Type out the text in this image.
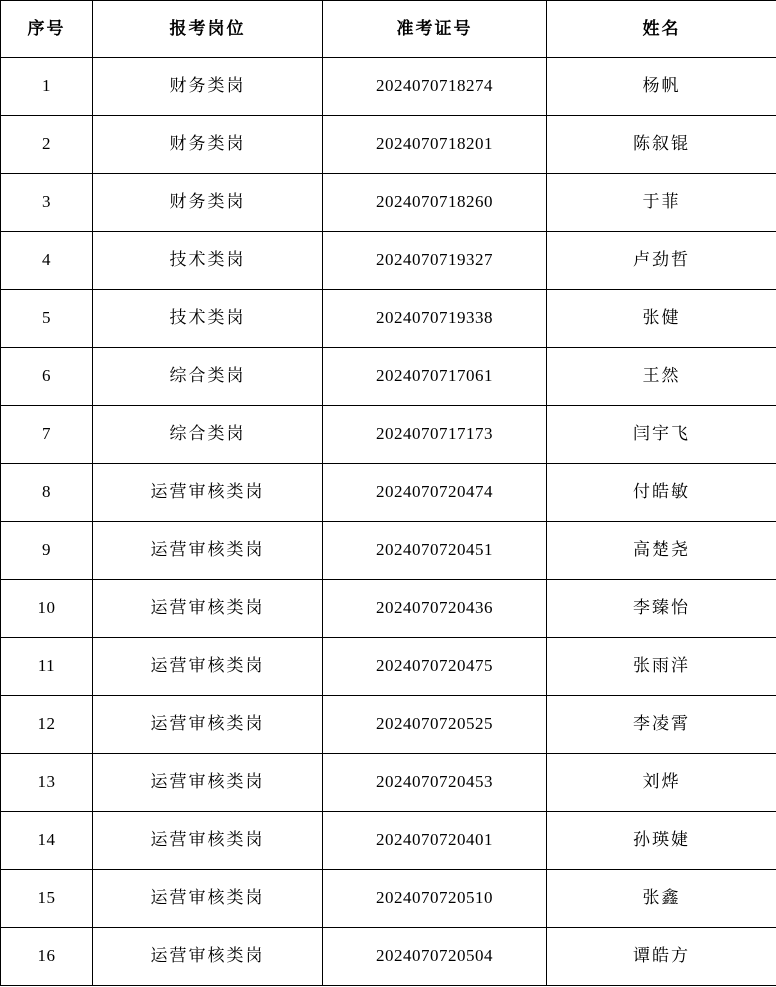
序号	报考岗位	准考证号	姓名
1	财务类岗	2024070718274	杨帆
2	财务类岗	2024070718201	陈叙锟
3	财务类岗	2024070718260	于菲
4	技术类岗	2024070719327	卢劲哲
5	技术类岗	2024070719338	张健
6	综合类岗	2024070717061	王然
7	综合类岗	2024070717173	闫宇飞
8	运营审核类岗	2024070720474	付皓敏
9	运营审核类岗	2024070720451	高楚尧
10	运营审核类岗	2024070720436	李臻怡
11	运营审核类岗	2024070720475	张雨洋
12	运营审核类岗	2024070720525	李凌霄
13	运营审核类岗	2024070720453	刘烨
14	运营审核类岗	2024070720401	孙瑛婕
15	运营审核类岗	2024070720510	张鑫
16	运营审核类岗	2024070720504	谭皓方
